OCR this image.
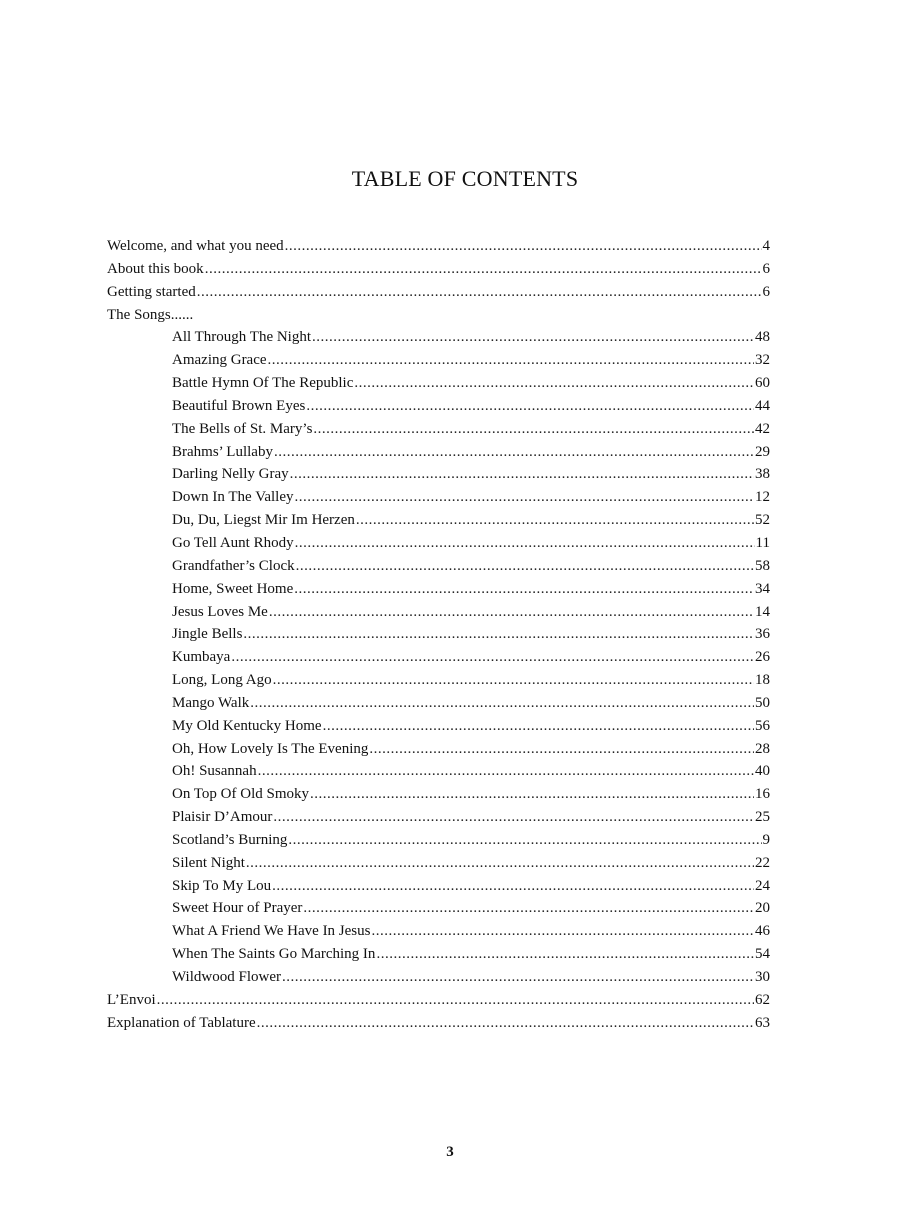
TABLE OF CONTENTS
Welcome, and what you need .....	4
About this book .....	6
Getting started .....	6
The Songs......
All Through The Night .....	48
Amazing Grace .....	32
Battle Hymn Of The Republic .....	60
Beautiful Brown Eyes .....	44
The Bells of St. Mary’s .....	42
Brahms’ Lullaby .....	29
Darling Nelly Gray .....	38
Down In The Valley .....	12
Du, Du, Liegst Mir Im Herzen .....	52
Go Tell Aunt Rhody .....	11
Grandfather’s Clock .....	58
Home, Sweet Home .....	34
Jesus Loves Me .....	14
Jingle Bells .....	36
Kumbaya .....	26
Long, Long Ago .....	18
Mango Walk .....	50
My Old Kentucky Home .....	56
Oh, How Lovely Is The Evening .....	28
Oh! Susannah .....	40
On Top Of Old Smoky .....	16
Plaisir D’Amour .....	25
Scotland’s Burning .....	9
Silent Night .....	22
Skip To My Lou .....	24
Sweet Hour of Prayer .....	20
What A Friend We Have In Jesus .....	46
When The Saints Go Marching In .....	54
Wildwood Flower .....	30
L’Envoi .....	62
Explanation of Tablature .....	63
3
